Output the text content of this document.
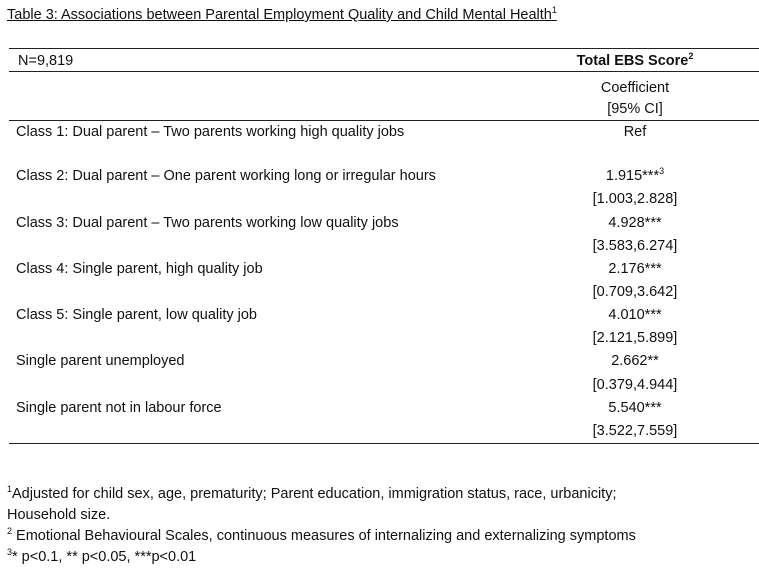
Table 3: Associations between Parental Employment Quality and Child Mental Health$^1$
N=9,819	Total EBS Score$^2$
Coefficient
[95% CI]
Class 1: Dual parent – Two parents working high quality jobs	Ref
Class 2: Dual parent – One parent working long or irregular hours	1.915***$^3$
[1.003,2.828]
Class 3: Dual parent – Two parents working low quality jobs	4.928***
[3.583,6.274]
Class 4: Single parent, high quality job	2.176***
[0.709,3.642]
Class 5: Single parent, low quality job	4.010***
[2.121,5.899]
Single parent unemployed	2.662**
[0.379,4.944]
Single parent not in labour force	5.540***
[3.522,7.559]
$^1$Adjusted for child sex, age, prematurity; Parent education, immigration status, race, urbanicity;
Household size.
$^2$ Emotional Behavioural Scales, continuous measures of internalizing and externalizing symptoms
$^3$* p<0.1, ** p<0.05, ***p<0.01
